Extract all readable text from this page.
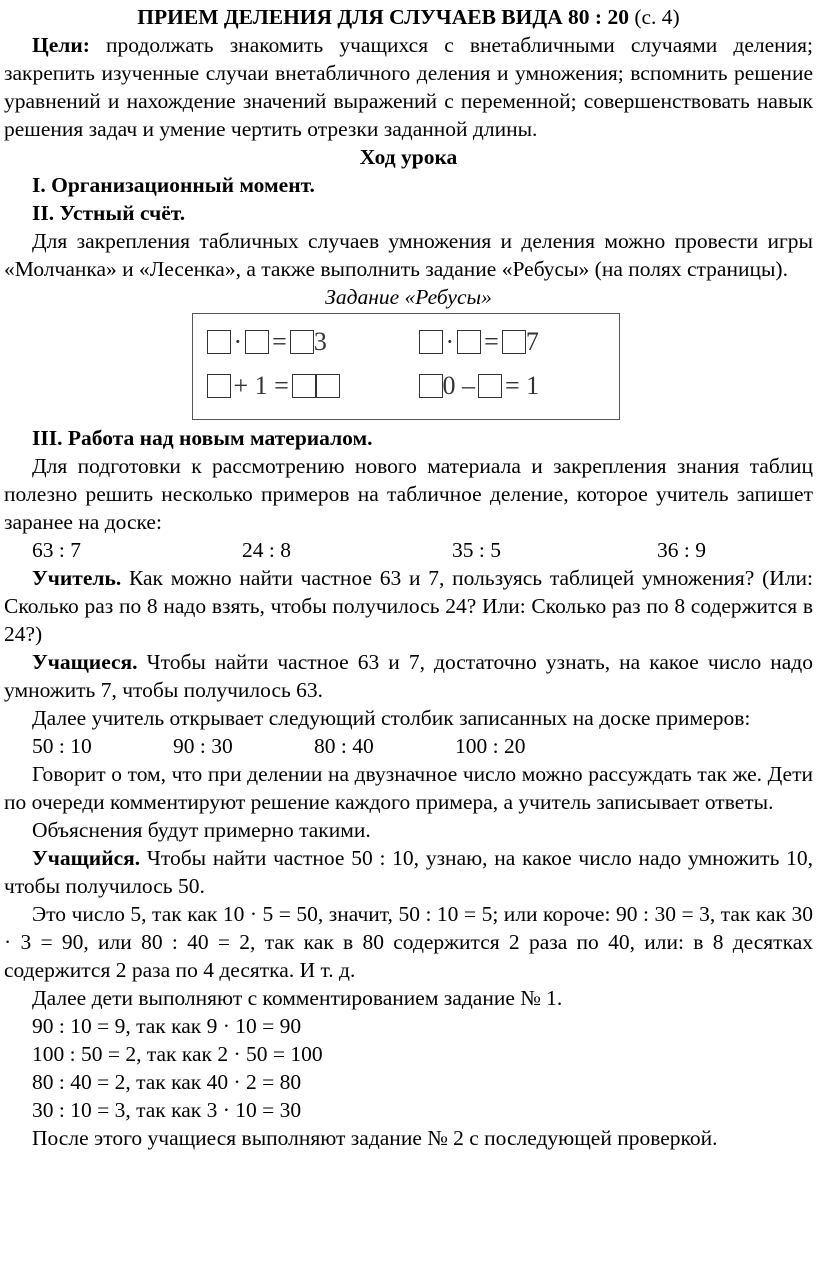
ПРИЕМ ДЕЛЕНИЯ ДЛЯ СЛУЧАЕВ ВИДА 80 : 20 (с. 4)

Цели: продолжать знакомить учащихся с внетабличными случаями деления; закрепить изученные случаи внетабличного деления и умножения; вспомнить решение уравнений и нахождение значений выражений с переменной; совершенствовать навык решения задач и умение чертить отрезки заданной длины.

Ход урока

I. Организационный момент.

II. Устный счёт.

Для закрепления табличных случаев умножения и деления можно провести игры «Молчанка» и «Лесенка», а также выполнить задание «Ребусы» (на полях страницы).

Задание «Ребусы»

· = 3	· = 7
+ 1 =	0 – = 1

III. Работа над новым материалом.

Для подготовки к рассмотрению нового материала и закрепления знания таблиц полезно решить несколько примеров на табличное деление, которое учитель запишет заранее на доске:

63 : 7	24 : 8	35 : 5	36 : 9

Учитель. Как можно найти частное 63 и 7, пользуясь таблицей умножения? (Или: Сколько раз по 8 надо взять, чтобы получилось 24? Или: Сколько раз по 8 содержится в 24?)

Учащиеся. Чтобы найти частное 63 и 7, достаточно узнать, на какое число надо умножить 7, чтобы получилось 63.

Далее учитель открывает следующий столбик записанных на доске примеров:

50 : 10	90 : 30	80 : 40	100 : 20

Говорит о том, что при делении на двузначное число можно рассуждать так же. Дети по очереди комментируют решение каждого примера, а учитель записывает ответы.

Объяснения будут примерно такими.

Учащийся. Чтобы найти частное 50 : 10, узнаю, на какое число надо умножить 10, чтобы получилось 50.

Это число 5, так как 10 · 5 = 50, значит, 50 : 10 = 5; или короче: 90 : 30 = 3, так как 30 · 3 = 90, или 80 : 40 = 2, так как в 80 содержится 2 раза по 40, или: в 8 десятках содержится 2 раза по 4 десятка. И т. д.

Далее дети выполняют с комментированием задание № 1.

90 : 10 = 9, так как 9 · 10 = 90

100 : 50 = 2, так как 2 · 50 = 100

80 : 40 = 2, так как 40 · 2 = 80

30 : 10 = 3, так как 3 · 10 = 30

После этого учащиеся выполняют задание № 2 с последующей проверкой.
